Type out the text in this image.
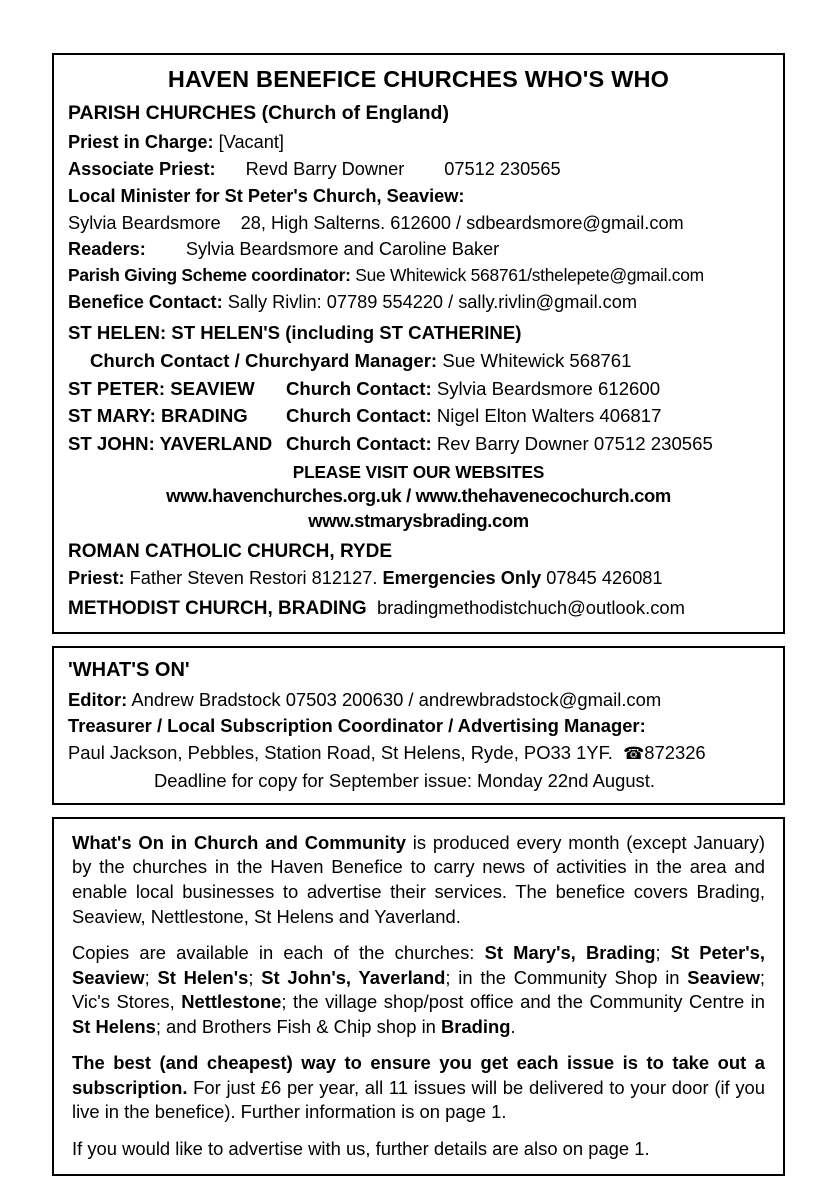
HAVEN BENEFICE CHURCHES WHO'S WHO
PARISH CHURCHES (Church of England)
Priest in Charge: [Vacant]
Associate Priest: Revd Barry Downer 07512 230565
Local Minister for St Peter's Church, Seaview:
Sylvia Beardsmore 28, High Salterns. 612600 / sdbeardsmore@gmail.com
Readers: Sylvia Beardsmore and Caroline Baker
Parish Giving Scheme coordinator: Sue Whitewick 568761/sthelepete@gmail.com
Benefice Contact: Sally Rivlin: 07789 554220 / sally.rivlin@gmail.com
ST HELEN: ST HELEN'S (including ST CATHERINE)
Church Contact / Churchyard Manager: Sue Whitewick 568761
ST PETER: SEAVIEW Church Contact: Sylvia Beardsmore 612600
ST MARY: BRADING Church Contact: Nigel Elton Walters 406817
ST JOHN: YAVERLAND Church Contact: Rev Barry Downer 07512 230565
PLEASE VISIT OUR WEBSITES
www.havenchurches.org.uk / www.thehavenecochurch.com
www.stmarysbrading.com
ROMAN CATHOLIC CHURCH, RYDE
Priest: Father Steven Restori 812127. Emergencies Only 07845 426081
METHODIST CHURCH, BRADING bradingmethodistchuch@outlook.com
'WHAT'S ON'
Editor: Andrew Bradstock 07503 200630 / andrewbradstock@gmail.com
Treasurer / Local Subscription Coordinator / Advertising Manager:
Paul Jackson, Pebbles, Station Road, St Helens, Ryde, PO33 1YF. ☎872326
Deadline for copy for September issue: Monday 22nd August.

What's On in Church and Community is produced every month (except January) by the churches in the Haven Benefice to carry news of activities in the area and enable local businesses to advertise their services. The benefice covers Brading, Seaview, Nettlestone, St Helens and Yaverland.

Copies are available in each of the churches: St Mary's, Brading; St Peter's, Seaview; St Helen's; St John's, Yaverland; in the Community Shop in Seaview; Vic's Stores, Nettlestone; the village shop/post office and the Community Centre in St Helens; and Brothers Fish & Chip shop in Brading.

The best (and cheapest) way to ensure you get each issue is to take out a subscription. For just £6 per year, all 11 issues will be delivered to your door (if you live in the benefice). Further information is on page 1.

If you would like to advertise with us, further details are also on page 1.
